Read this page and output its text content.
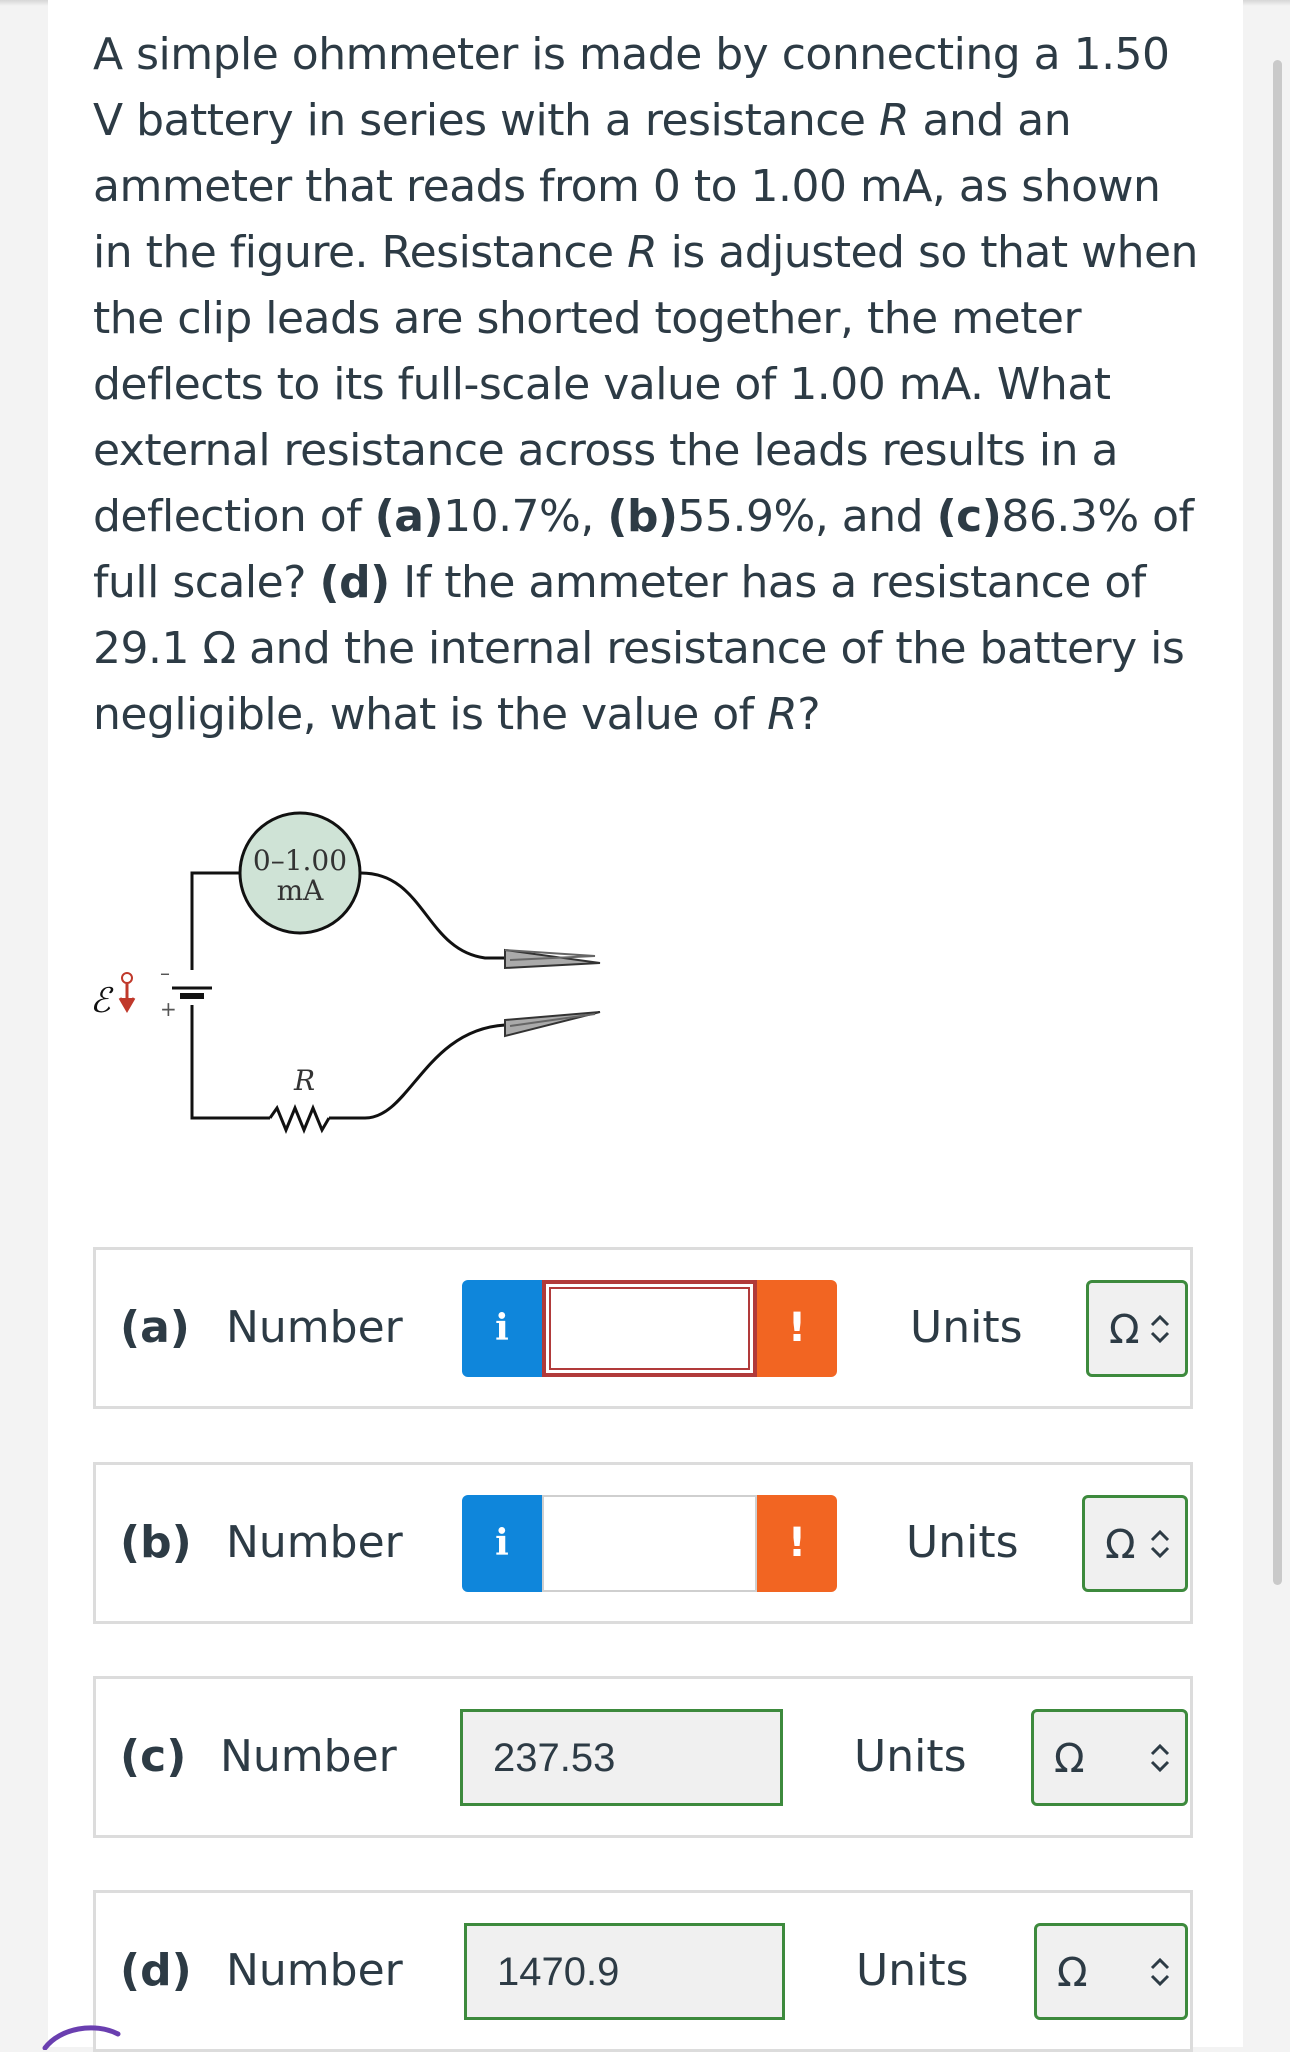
A simple ohmmeter is made by connecting a 1.50 V battery in series with a resistance R and an ammeter that reads from 0 to 1.00 mA, as shown in the figure. Resistance R is adjusted so that when the clip leads are shorted together, the meter deflects to its full-scale value of 1.00 mA. What external resistance across the leads results in a deflection of (a)10.7%, (b)55.9%, and (c)86.3% of full scale? (d) If the ammeter has a resistance of 29.1 Ω and the internal resistance of the battery is negligible, what is the value of R?
–
+
ℰ
0–1.00
mA
R
(a) Number	i	!	Units Ω
(b) Number	i	!	Units Ω
(c) Number	237.53	Units Ω
(d) Number	1470.9	Units Ω
